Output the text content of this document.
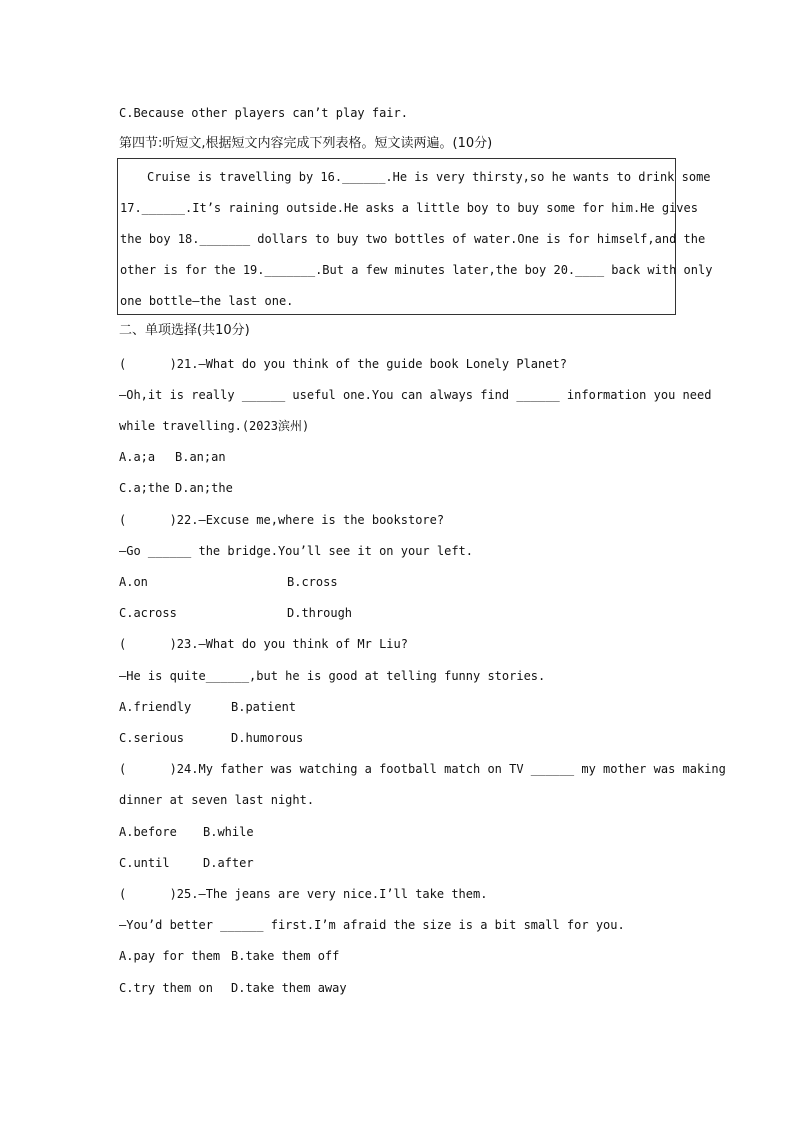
C.Because other players can’t play fair.
第四节:听短文,根据短文内容完成下列表格。短文读两遍。(10分)
Cruise is travelling by 16.______.He is very thirsty,so he wants to drink some
17.______.It’s raining outside.He asks a little boy to buy some for him.He gives
the boy 18._______ dollars to buy two bottles of water.One is for himself,and the
other is for the 19._______.But a few minutes later,the boy 20.____ back with only
one bottle—the last one.
二、单项选择(共10分)
(      )21.—What do you think of the guide book Lonely Planet?
—Oh,it is really ______ useful one.You can always find ______ information you need
while travelling.(2023滨州)
A.a;a B.an;an
C.a;the D.an;the
(      )22.—Excuse me,where is the bookstore?
—Go ______ the bridge.You’ll see it on your left.
A.on	B.cross
C.across	D.through
(      )23.—What do you think of Mr Liu?
—He is quite______,but he is good at telling funny stories.
A.friendly	B.patient
C.serious	D.humorous
(      )24.My father was watching a football match on TV ______ my mother was making
dinner at seven last night.
A.before B.while
C.until	D.after
(      )25.—The jeans are very nice.I’ll take them.
—You’d better ______ first.I’m afraid the size is a bit small for you.
A.pay for them B.take them off
C.try them on D.take them away
